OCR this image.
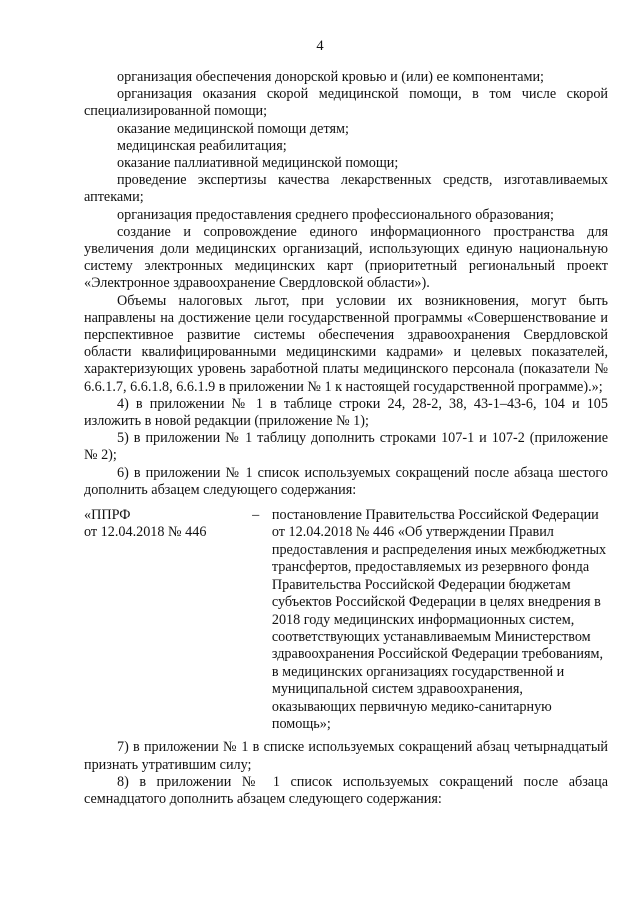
4

организация обеспечения донорской кровью и (или) ее компонентами;

организация оказания скорой медицинской помощи, в том числе скорой специализированной помощи;

оказание медицинской помощи детям;

медицинская реабилитация;

оказание паллиативной медицинской помощи;

проведение экспертизы качества лекарственных средств, изготавливаемых аптеками;

организация предоставления среднего профессионального образования;

создание и сопровождение единого информационного пространства для увеличения доли медицинских организаций, использующих единую национальную систему электронных медицинских карт (приоритетный региональный проект «Электронное здравоохранение Свердловской области»).

Объемы налоговых льгот, при условии их возникновения, могут быть направлены на достижение цели государственной программы «Совершенствование и перспективное развитие системы обеспечения здравоохранения Свердловской области квалифицированными медицинскими кадрами» и целевых показателей, характеризующих уровень заработной платы медицинского персонала (показатели № 6.6.1.7, 6.6.1.8, 6.6.1.9 в приложении № 1 к настоящей государственной программе).»;

4) в приложении № 1 в таблице строки 24, 28-2, 38, 43-1–43-6, 104 и 105 изложить в новой редакции (приложение № 1);

5) в приложении № 1 таблицу дополнить строками 107-1 и 107-2 (приложение № 2);

6) в приложении № 1 список используемых сокращений после абзаца шестого дополнить абзацем следующего содержания:

«ППРФ
от 12.04.2018 № 446
– постановление Правительства Российской Федерации от 12.04.2018 № 446 «Об утверждении Правил предоставления и распределения иных межбюджетных трансфертов, предоставляемых из резервного фонда Правительства Российской Федерации бюджетам субъектов Российской Федерации в целях внедрения в 2018 году медицинских информационных систем, соответствующих устанавливаемым Министерством здравоохранения Российской Федерации требованиям, в медицинских организациях государственной и муниципальной систем здравоохранения, оказывающих первичную медико-санитарную помощь»;

7) в приложении № 1 в списке используемых сокращений абзац четырнадцатый признать утратившим силу;

8) в приложении № 1 список используемых сокращений после абзаца семнадцатого дополнить абзацем следующего содержания:
